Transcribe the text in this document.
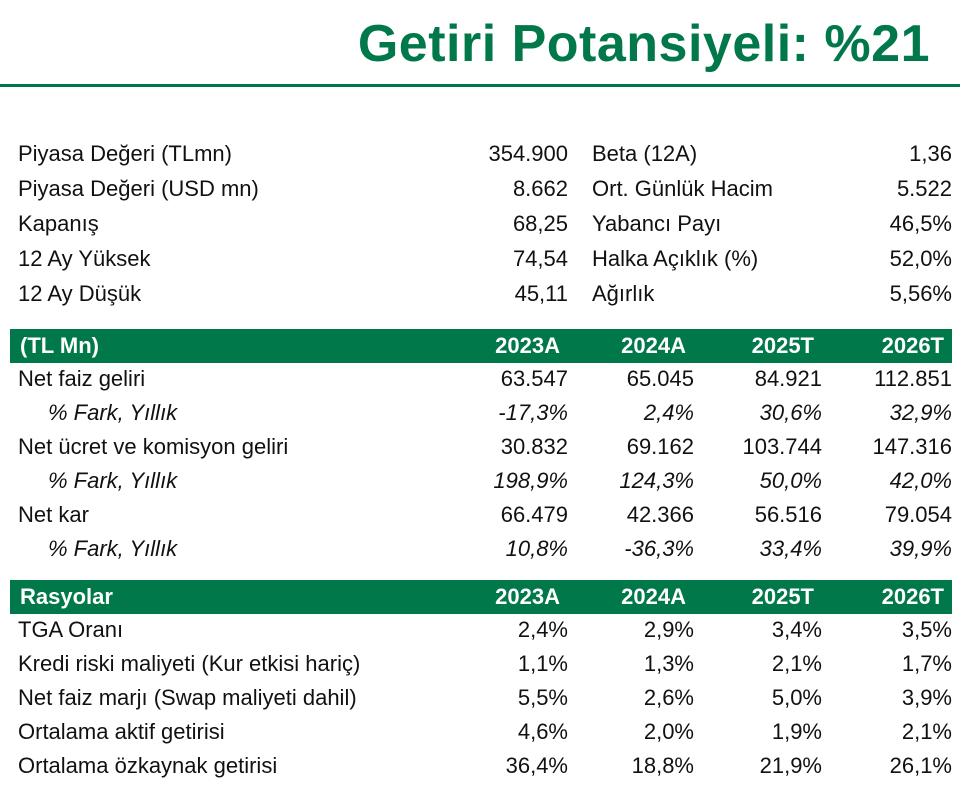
Getiri Potansiyeli: %21
Piyasa Değeri (TLmn)	354.900 Beta (12A)	1,36
Piyasa Değeri (USD mn)	8.662 Ort. Günlük Hacim	5.522
Kapanış	68,25 Yabancı Payı	46,5%
12 Ay Yüksek	74,54 Halka Açıklık (%)	52,0%
12 Ay Düşük	45,11 Ağırlık	5,56%
(TL Mn)	2023A	2024A	2025T	2026T
Net faiz geliri	63.547	65.045	84.921 112.851
% Fark, Yıllık	-17,3%	2,4%	30,6%	32,9%
Net ücret ve komisyon geliri	30.832	69.162 103.744 147.316
% Fark, Yıllık	198,9% 124,3%	50,0%	42,0%
Net kar	66.479	42.366	56.516	79.054
% Fark, Yıllık	10,8%	-36,3%	33,4%	39,9%
Rasyolar	2023A	2024A	2025T	2026T
TGA Oranı	2,4%	2,9%	3,4%	3,5%
Kredi riski maliyeti (Kur etkisi hariç)	1,1%	1,3%	2,1%	1,7%
Net faiz marjı (Swap maliyeti dahil)	5,5%	2,6%	5,0%	3,9%
Ortalama aktif getirisi	4,6%	2,0%	1,9%	2,1%
Ortalama özkaynak getirisi	36,4%	18,8%	21,9%	26,1%
